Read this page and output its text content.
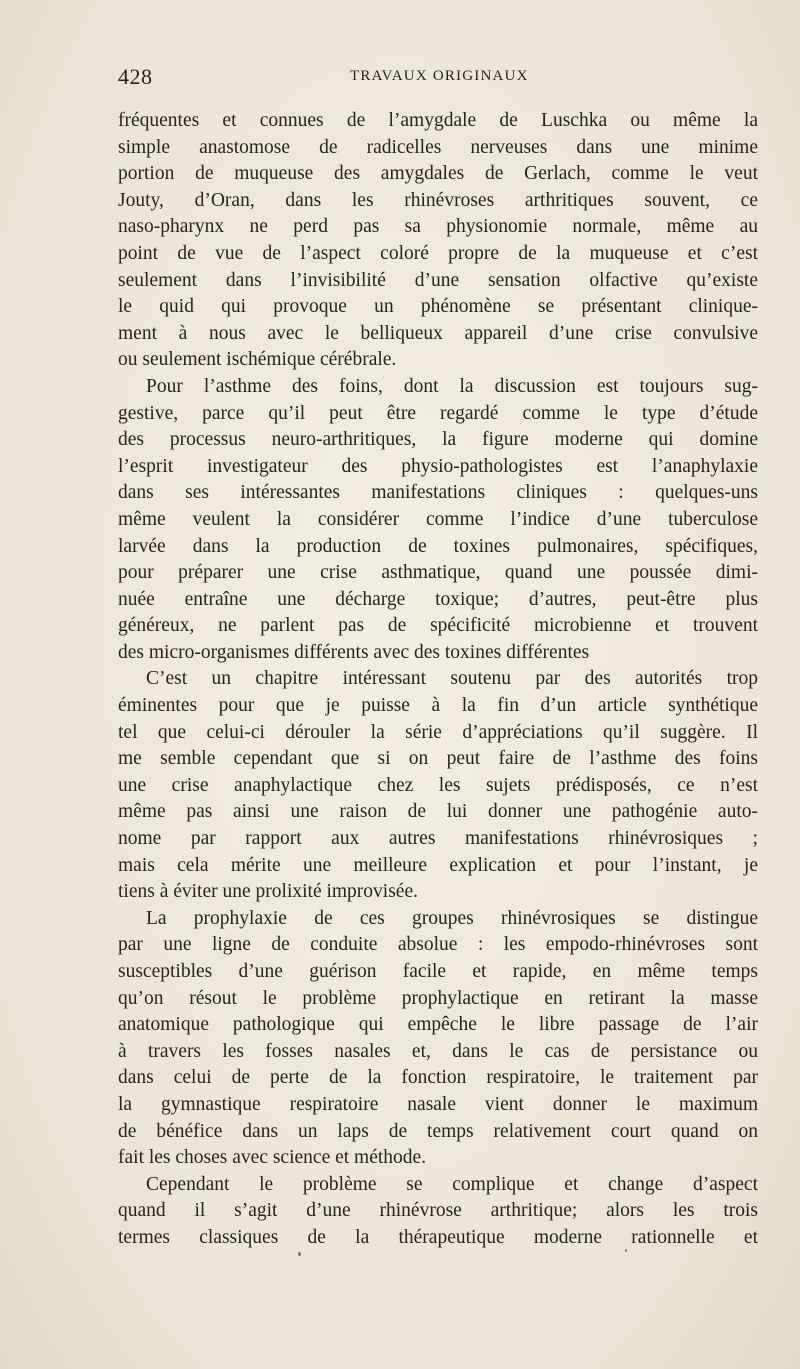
428	TRAVAUX ORIGINAUX
fréquentes et connues de l’amygdale de Luschka ou même la
simple anastomose de radicelles nerveuses dans une minime
portion de muqueuse des amygdales de Gerlach, comme le veut
Jouty, d’Oran, dans les rhinévroses arthritiques souvent, ce
naso-pharynx ne perd pas sa physionomie normale, même au
point de vue de l’aspect coloré propre de la muqueuse et c’est
seulement dans l’invisibilité d’une sensation olfactive qu’existe
le quid qui provoque un phénomène se présentant clinique-
ment à nous avec le belliqueux appareil d’une crise convulsive
ou seulement ischémique cérébrale.
Pour l’asthme des foins, dont la discussion est toujours sug-
gestive, parce qu’il peut être regardé comme le type d’étude
des processus neuro-arthritiques, la figure moderne qui domine
l’esprit investigateur des physio-pathologistes est l’anaphylaxie
dans ses intéressantes manifestations cliniques : quelques-uns
même veulent la considérer comme l’indice d’une tuberculose
larvée dans la production de toxines pulmonaires, spécifiques,
pour préparer une crise asthmatique, quand une poussée dimi-
nuée entraîne une décharge toxique; d’autres, peut-être plus
généreux, ne parlent pas de spécificité microbienne et trouvent
des micro-organismes différents avec des toxines différentes
C’est un chapitre intéressant soutenu par des autorités trop
éminentes pour que je puisse à la fin d’un article synthétique
tel que celui-ci dérouler la série d’appréciations qu’il suggère. Il
me semble cependant que si on peut faire de l’asthme des foins
une crise anaphylactique chez les sujets prédisposés, ce n’est
même pas ainsi une raison de lui donner une pathogénie auto-
nome par rapport aux autres manifestations rhinévrosiques ;
mais cela mérite une meilleure explication et pour l’instant, je
tiens à éviter une prolixité improvisée.
La prophylaxie de ces groupes rhinévrosiques se distingue
par une ligne de conduite absolue : les empodo-rhinévroses sont
susceptibles d’une guérison facile et rapide, en même temps
qu’on résout le problème prophylactique en retirant la masse
anatomique pathologique qui empêche le libre passage de l’air
à travers les fosses nasales et, dans le cas de persistance ou
dans celui de perte de la fonction respiratoire, le traitement par
la gymnastique respiratoire nasale vient donner le maximum
de bénéfice dans un laps de temps relativement court quand on
fait les choses avec science et méthode.
Cependant le problème se complique et change d’aspect
quand il s’agit d’une rhinévrose arthritique; alors les trois
termes classiques de la thérapeutique moderne rationnelle et
